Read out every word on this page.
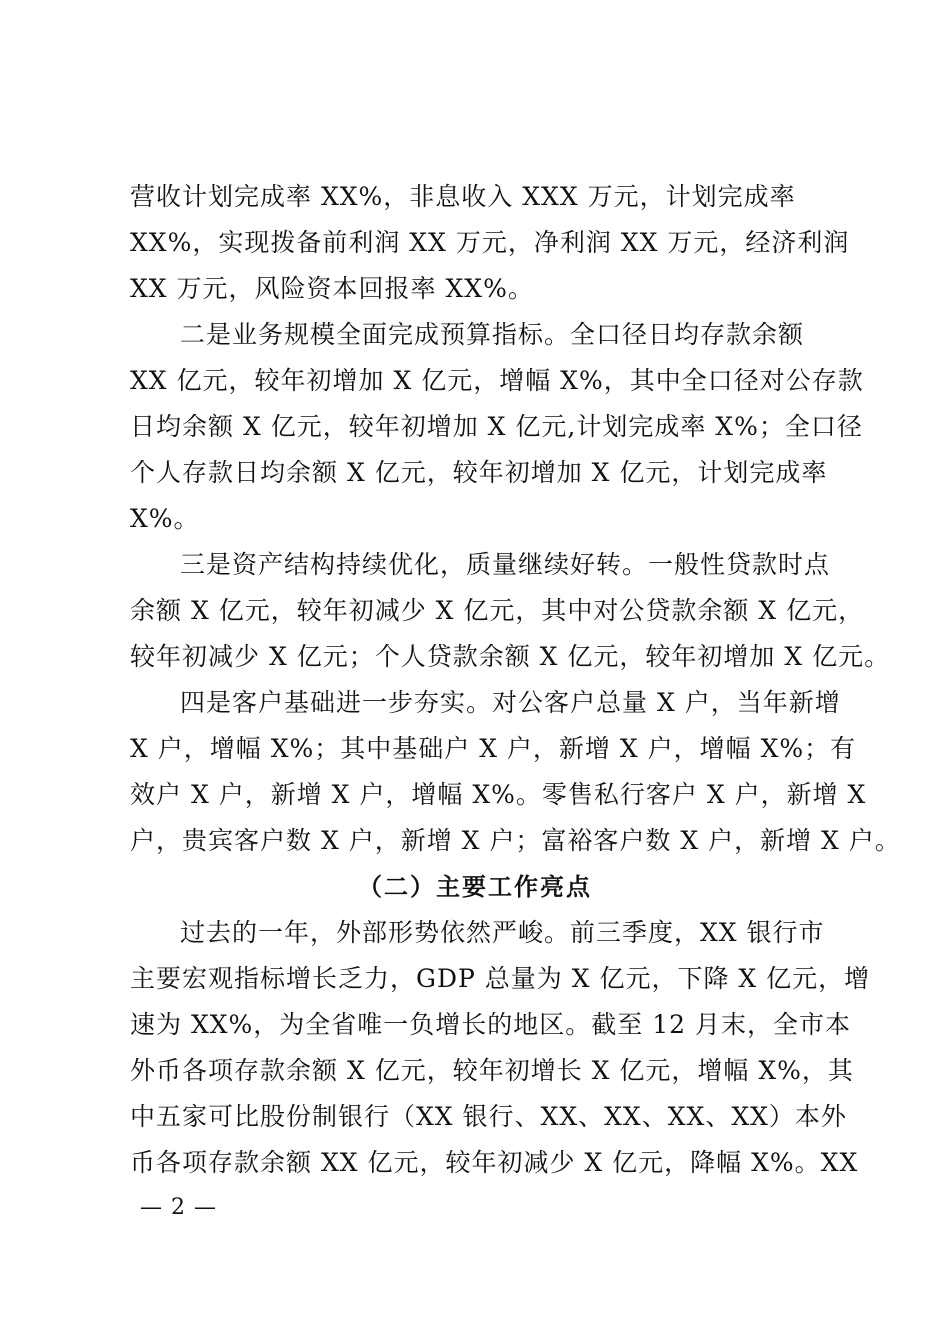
营收计划完成率 XX%，非息收入 XXX 万元，计划完成率
XX%，实现拨备前利润 XX 万元，净利润 XX 万元，经济利润
XX 万元，风险资本回报率 XX%。
二是业务规模全面完成预算指标。全口径日均存款余额
XX 亿元，较年初增加 X 亿元，增幅 X%，其中全口径对公存款
日均余额 X 亿元，较年初增加 X 亿元,计划完成率 X%；全口径
个人存款日均余额 X 亿元，较年初增加 X 亿元，计划完成率
X%。
三是资产结构持续优化，质量继续好转。一般性贷款时点
余额 X 亿元，较年初减少 X 亿元，其中对公贷款余额 X 亿元，
较年初减少 X 亿元；个人贷款余额 X 亿元，较年初增加 X 亿元。
四是客户基础进一步夯实。对公客户总量 X 户，当年新增
X 户，增幅 X%；其中基础户 X 户，新增 X 户，增幅 X%；有
效户 X 户，新增 X 户，增幅 X%。零售私行客户 X 户，新增 X
户，贵宾客户数 X 户，新增 X 户；富裕客户数 X 户，新增 X 户。
（二）主要工作亮点
过去的一年，外部形势依然严峻。前三季度，XX 银行市
主要宏观指标增长乏力，GDP 总量为 X 亿元，下降 X 亿元，增
速为 XX%，为全省唯一负增长的地区。截至 12 月末，全市本
外币各项存款余额 X 亿元，较年初增长 X 亿元，增幅 X%，其
中五家可比股份制银行（XX 银行、XX、XX、XX、XX）本外
币各项存款余额 XX 亿元，较年初减少 X 亿元，降幅 X%。XX
— 2 —
